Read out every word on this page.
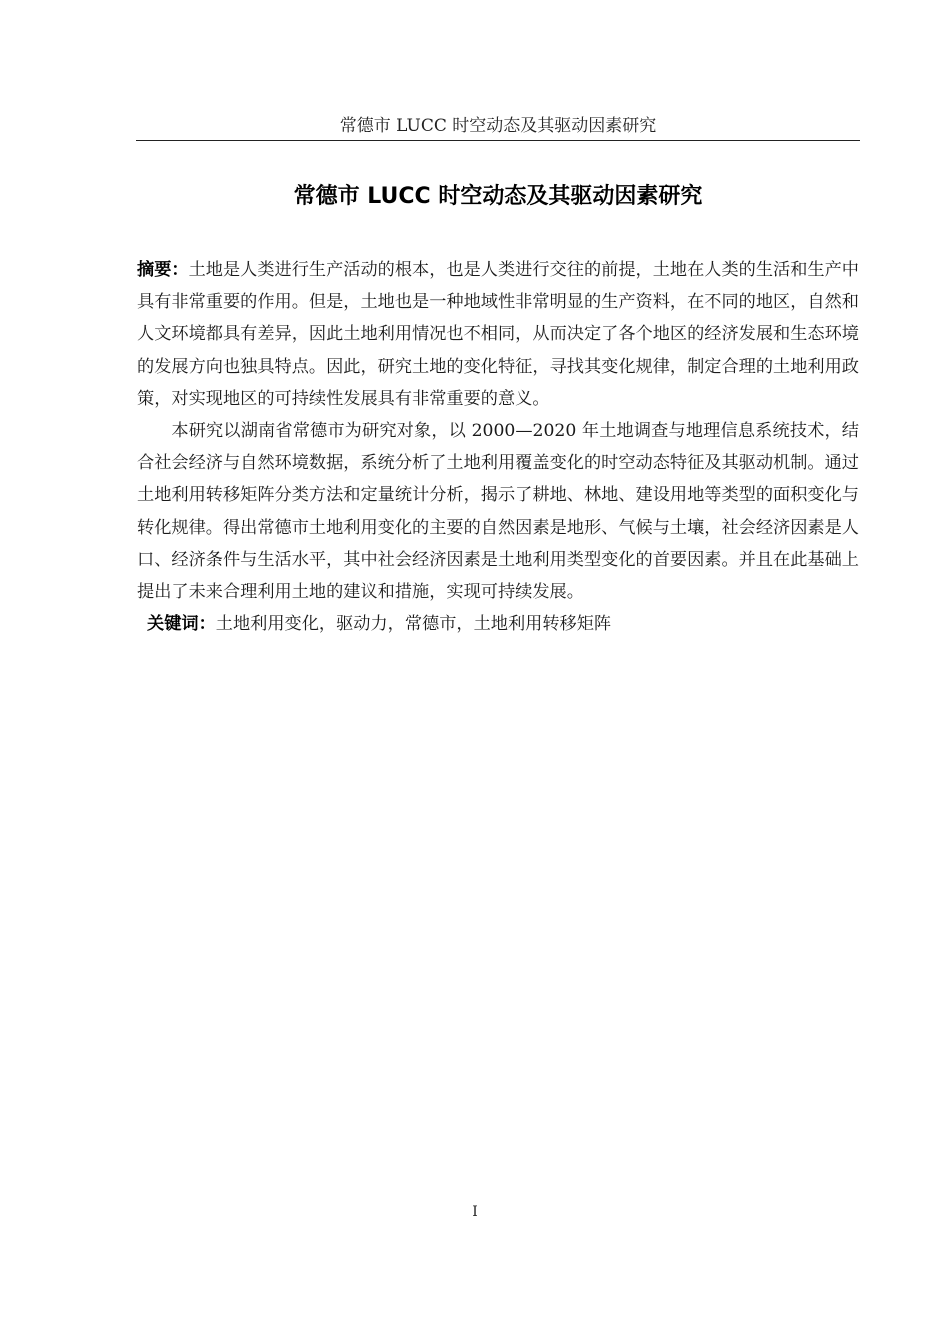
常德市 LUCC 时空动态及其驱动因素研究
常德市 LUCC 时空动态及其驱动因素研究

摘要：土地是人类进行生产活动的根本，也是人类进行交往的前提，土地在人类的生活和生产中具有非常重要的作用。但是，土地也是一种地域性非常明显的生产资料，在不同的地区，自然和人文环境都具有差异，因此土地利用情况也不相同，从而决定了各个地区的经济发展和生态环境的发展方向也独具特点。因此，研究土地的变化特征，寻找其变化规律，制定合理的土地利用政策，对实现地区的可持续性发展具有非常重要的意义。

本研究以湖南省常德市为研究对象，以 2000—2020 年土地调查与地理信息系统技术，结合社会经济与自然环境数据，系统分析了土地利用覆盖变化的时空动态特征及其驱动机制。通过土地利用转移矩阵分类方法和定量统计分析，揭示了耕地、林地、建设用地等类型的面积变化与转化规律。得出常德市土地利用变化的主要的自然因素是地形、气候与土壤，社会经济因素是人口、经济条件与生活水平，其中社会经济因素是土地利用类型变化的首要因素。并且在此基础上提出了未来合理利用土地的建议和措施，实现可持续发展。

关键词：土地利用变化，驱动力，常德市，土地利用转移矩阵

I
